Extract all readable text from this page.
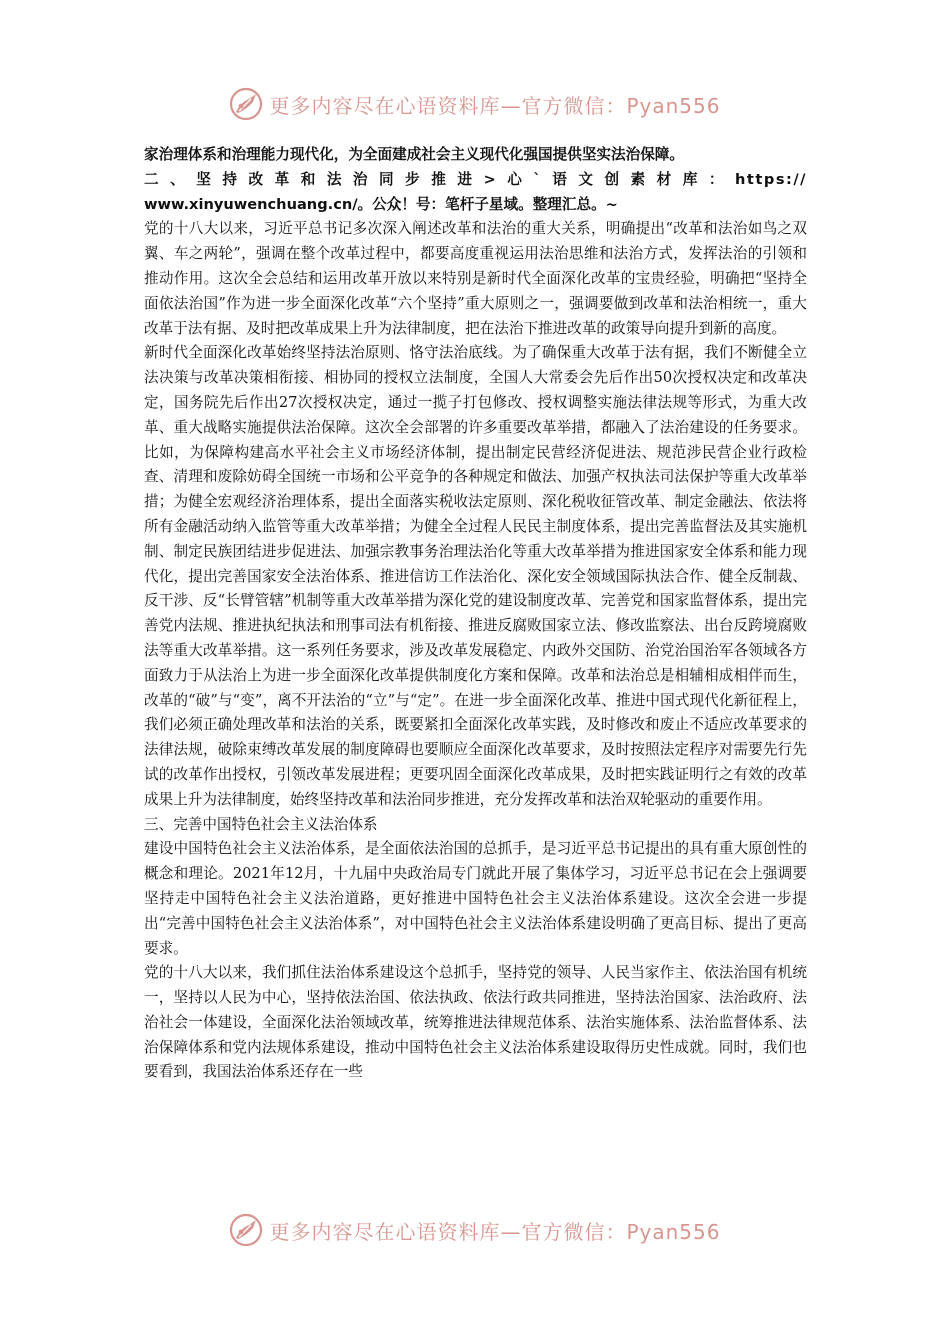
更多内容尽在心语资料库—官方微信：Pyan556

家治理体系和治理能力现代化，为全面建成社会主义现代化强国提供坚实法治保障。

二、坚持改革和法治同步推进>心`语文创素材库：https://

www.xinyuwenchuang.cn/。公众！号：笔杆子星域。整理汇总。~

党的十八大以来，习近平总书记多次深入阐述改革和法治的重大关系，明确提出“改革和法治如鸟之双翼、车之两轮”，强调在整个改革过程中，都要高度重视运用法治思维和法治方式，发挥法治的引领和推动作用。这次全会总结和运用改革开放以来特别是新时代全面深化改革的宝贵经验，明确把“坚持全面依法治国”作为进一步全面深化改革“六个坚持”重大原则之一，强调要做到改革和法治相统一，重大改革于法有据、及时把改革成果上升为法律制度，把在法治下推进改革的政策导向提升到新的高度。

新时代全面深化改革始终坚持法治原则、恪守法治底线。为了确保重大改革于法有据，我们不断健全立法决策与改革决策相衔接、相协同的授权立法制度，全国人大常委会先后作出50次授权决定和改革决定，国务院先后作出27次授权决定，通过一揽子打包修改、授权调整实施法律法规等形式，为重大改革、重大战略实施提供法治保障。这次全会部署的许多重要改革举措，都融入了法治建设的任务要求。比如，为保障构建高水平社会主义市场经济体制，提出制定民营经济促进法、规范涉民营企业行政检查、清理和废除妨碍全国统一市场和公平竞争的各种规定和做法、加强产权执法司法保护等重大改革举措；为健全宏观经济治理体系，提出全面落实税收法定原则、深化税收征管改革、制定金融法、依法将所有金融活动纳入监管等重大改革举措；为健全全过程人民民主制度体系，提出完善监督法及其实施机制、制定民族团结进步促进法、加强宗教事务治理法治化等重大改革举措为推进国家安全体系和能力现代化，提出完善国家安全法治体系、推进信访工作法治化、深化安全领域国际执法合作、健全反制裁、反干涉、反“长臂管辖”机制等重大改革举措为深化党的建设制度改革、完善党和国家监督体系，提出完善党内法规、推进执纪执法和刑事司法有机衔接、推进反腐败国家立法、修改监察法、出台反跨境腐败法等重大改革举措。这一系列任务要求，涉及改革发展稳定、内政外交国防、治党治国治军各领域各方面致力于从法治上为进一步全面深化改革提供制度化方案和保障。改革和法治总是相辅相成相伴而生，改革的“破”与“变”，离不开法治的“立”与“定”。在进一步全面深化改革、推进中国式现代化新征程上，我们必须正确处理改革和法治的关系，既要紧扣全面深化改革实践，及时修改和废止不适应改革要求的法律法规，破除束缚改革发展的制度障碍也要顺应全面深化改革要求，及时按照法定程序对需要先行先试的改革作出授权，引领改革发展进程；更要巩固全面深化改革成果，及时把实践证明行之有效的改革成果上升为法律制度，始终坚持改革和法治同步推进，充分发挥改革和法治双轮驱动的重要作用。

三、完善中国特色社会主义法治体系

建设中国特色社会主义法治体系，是全面依法治国的总抓手，是习近平总书记提出的具有重大原创性的概念和理论。2021年12月，十九届中央政治局专门就此开展了集体学习，习近平总书记在会上强调要坚持走中国特色社会主义法治道路，更好推进中国特色社会主义法治体系建设。这次全会进一步提出“完善中国特色社会主义法治体系”，对中国特色社会主义法治体系建设明确了更高目标、提出了更高要求。

党的十八大以来，我们抓住法治体系建设这个总抓手，坚持党的领导、人民当家作主、依法治国有机统一，坚持以人民为中心，坚持依法治国、依法执政、依法行政共同推进，坚持法治国家、法治政府、法治社会一体建设，全面深化法治领域改革，统筹推进法律规范体系、法治实施体系、法治监督体系、法治保障体系和党内法规体系建设，推动中国特色社会主义法治体系建设取得历史性成就。同时，我们也要看到，我国法治体系还存在一些

更多内容尽在心语资料库—官方微信：Pyan556
